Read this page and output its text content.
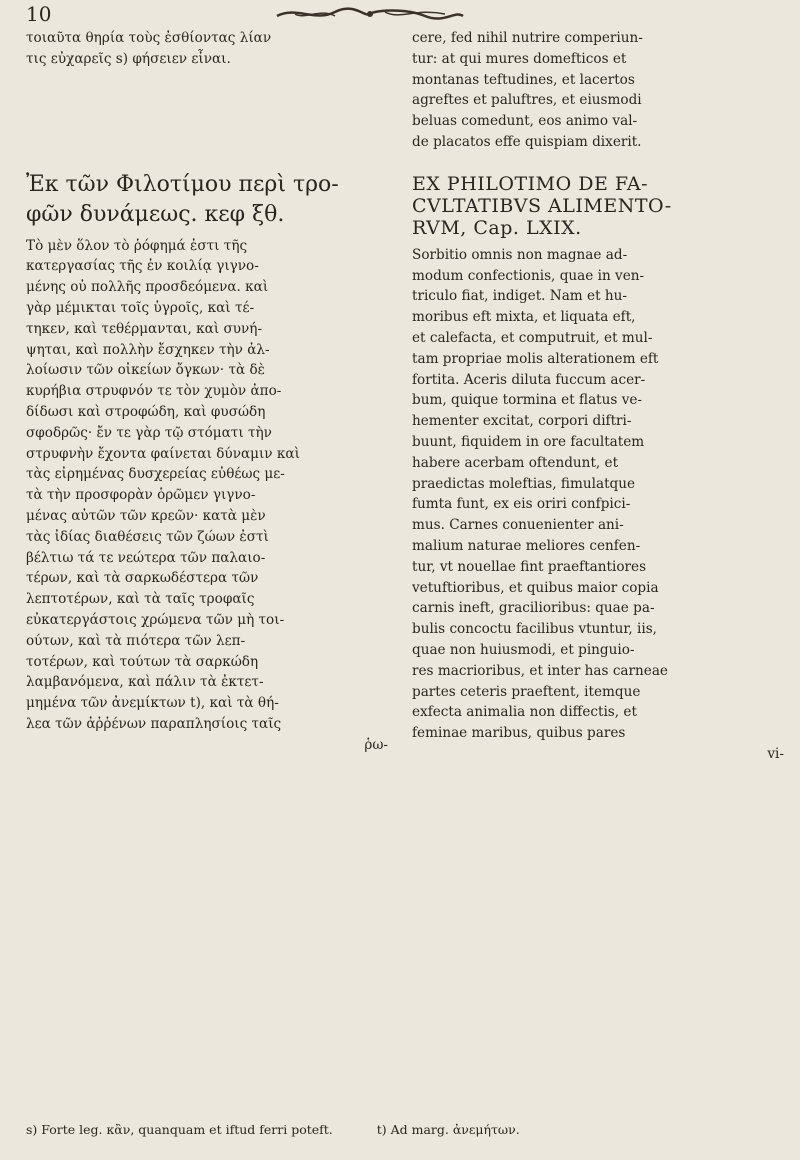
10

τοιαῦτα θηρία τοὺς ἐσθίοντας λίαν
τις εὐχαρεῖς s) φήσειεν εἶναι.

Ἐκ τῶν Φιλοτίμου περὶ τρο-
φῶν δυνάμεως. κεφ ξθ.

Τὸ μὲν ὅλον τὸ ῥόφημά ἐστι τῆς
κατεργασίας τῆς ἐν κοιλίᾳ γιγνο-
μένης οὐ πολλῆς προσδεόμενα. καὶ
γὰρ μέμικται τοῖς ὑγροῖς, καὶ τέ-
τηκεν, καὶ τεθέρμανται, καὶ συνή-
ψηται, καὶ πολλὴν ἔσχηκεν τὴν ἀλ-
λοίωσιν τῶν οἰκείων ὄγκων· τὰ δὲ
κυρήβια στρυφνόν τε τὸν χυμὸν ἀπο-
δίδωσι καὶ στροφώδη, καὶ φυσώδη
σφοδρῶς· ἔν τε γὰρ τῷ στόματι τὴν
στρυφνὴν ἔχοντα φαίνεται δύναμιν καὶ
τὰς εἰρημένας δυσχερείας εὐθέως με-
τὰ τὴν προσφορὰν ὁρῶμεν γιγνο-
μένας αὐτῶν τῶν κρεῶν· κατὰ μὲν
τὰς ἰδίας διαθέσεις τῶν ζώων ἐστὶ
βέλτιω τά τε νεώτερα τῶν παλαιο-
τέρων, καὶ τὰ σαρκωδέστερα τῶν
λεπτοτέρων, καὶ τὰ ταῖς τροφαῖς
εὐκατεργάστοις χρώμενα τῶν μὴ τοι-
ούτων, καὶ τὰ πιότερα τῶν λεπ-
τοτέρων, καὶ τούτων τὰ σαρκώδη
λαμβανόμενα, καὶ πάλιν τὰ ἐκτετ-
μημένα τῶν ἀνεμίκτων t), καὶ τὰ θή-
λεα τῶν ἀῤῥένων παραπλησίοις ταῖς
ῥω-

cere, fed nihil nutrire comperiun-
tur: at qui mures domefticos et
montanas teftudines, et lacertos
agreftes et paluftres, et eiusmodi
beluas comedunt, eos animo val-
de placatos effe quispiam dixerit.

EX PHILOTIMO DE FA-
CVLTATIBVS ALIMENTO-
RVM, Cap. LXIX.

Sorbitio omnis non magnae ad-
modum confectionis, quae in ven-
triculo fiat, indiget. Nam et hu-
moribus eft mixta, et liquata eft,
et calefacta, et computruit, et mul-
tam propriae molis alterationem eft
fortita. Aceris diluta fuccum acer-
bum, quique tormina et flatus ve-
hementer excitat, corpori diftri-
buunt, fiquidem in ore facultatem
habere acerbam oftendunt, et
praedictas moleftias, fimulatque
fumta funt, ex eis oriri confpici-
mus. Carnes conuenienter ani-
malium naturae meliores cenfen-
tur, vt nouellae fint praeftantiores
vetuftioribus, et quibus maior copia
carnis ineft, gracilioribus: quae pa-
bulis concoctu facilibus vtuntur, iis,
quae non huiusmodi, et pinguio-
res macrioribus, et inter has carneae
partes ceteris praeftent, itemque
exfecta animalia non diffectis, et
feminae maribus, quibus pares
vi-

s) Forte leg. κἂν, quanquam et iftud ferri poteft.	t) Ad marg. ἀνεμήτων.
